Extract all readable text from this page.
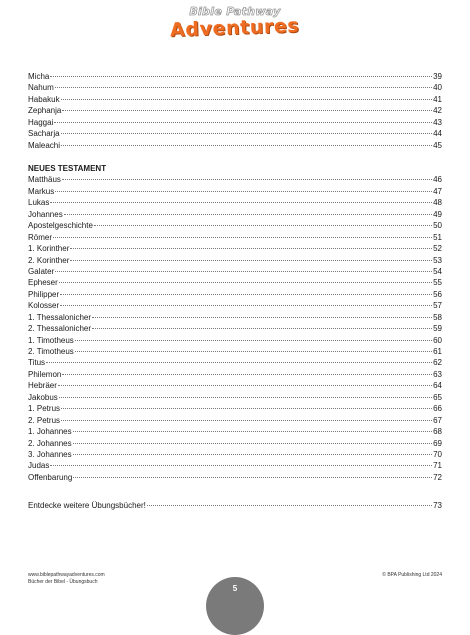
Bible Pathway
Adventures
Micha	39
Nahum	40
Habakuk	41
Zephanja	42
Haggai	43
Sacharja	44
Maleachi	45
NEUES TESTAMENT
Matthäus	46
Markus	47
Lukas	48
Johannes	49
Apostelgeschichte	50
Römer	51
1. Korinther	52
2. Korinther	53
Galater	54
Epheser	55
Philipper	56
Kolosser	57
1. Thessalonicher	58
2. Thessalonicher	59
1. Timotheus	60
2. Timotheus	61
Titus	62
Philemon	63
Hebräer	64
Jakobus	65
1. Petrus	66
2. Petrus	67
1. Johannes	68
2. Johannes	69
3. Johannes	70
Judas	71
Offenbarung	72
Entdecke weitere Übungsbücher!	73
www.biblepathwayadventures.com
Bücher der Bibel - Übungsbuch
© BPA Publishing Ltd 2024
5
